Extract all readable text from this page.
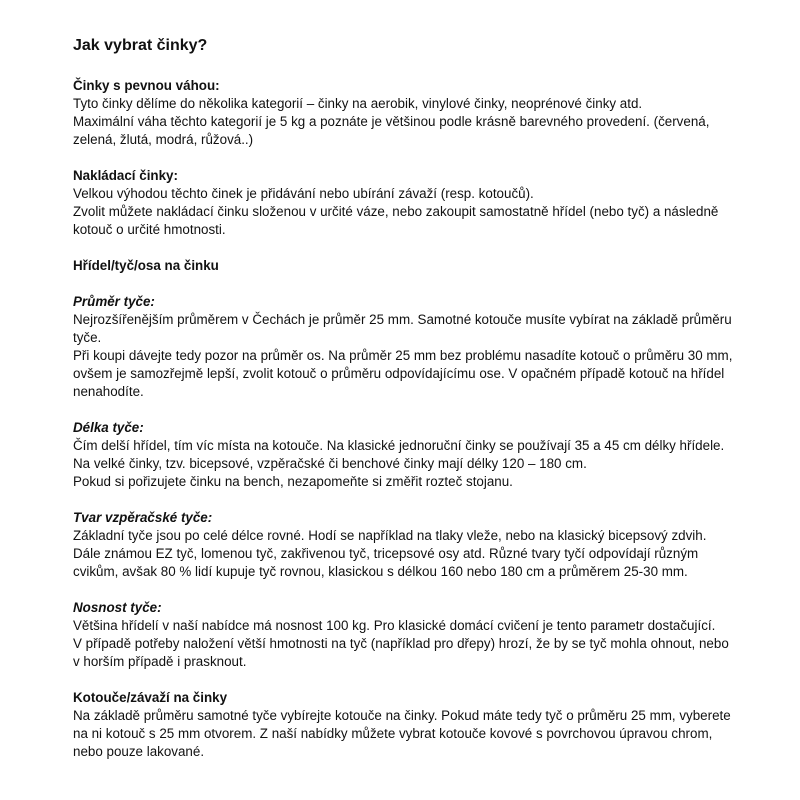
Jak vybrat činky?

Činky s pevnou váhou:

Tyto činky dělíme do několika kategorií – činky na aerobik, vinylové činky, neoprénové činky atd.

Maximální váha těchto kategorií je 5 kg a poznáte je většinou podle krásně barevného provedení. (červená, zelená, žlutá, modrá, růžová..)

Nakládací činky:

Velkou výhodou těchto činek je přidávání nebo ubírání závaží (resp. kotoučů).

Zvolit můžete nakládací činku složenou v určité váze, nebo zakoupit samostatně hřídel (nebo tyč) a následně kotouč o určité hmotnosti.

Hřídel/tyč/osa na činku

Průměr tyče:

Nejrozšířenějším průměrem v Čechách je průměr 25 mm. Samotné kotouče musíte vybírat na základě průměru tyče.

Při koupi dávejte tedy pozor na průměr os. Na průměr 25 mm bez problému nasadíte kotouč o průměru 30 mm, ovšem je samozřejmě lepší, zvolit kotouč o průměru odpovídajícímu ose. V opačném případě kotouč na hřídel nenahodíte.

Délka tyče:

Čím delší hřídel, tím víc místa na kotouče. Na klasické jednoruční činky se používají 35 a 45 cm délky hřídele.

Na velké činky, tzv. bicepsové, vzpěračské či benchové činky mají délky 120 – 180 cm.

Pokud si pořizujete činku na bench, nezapomeňte si změřit rozteč stojanu.

Tvar vzpěračské tyče:

Základní tyče jsou po celé délce rovné. Hodí se například na tlaky vleže, nebo na klasický bicepsový zdvih.

Dále známou EZ tyč, lomenou tyč, zakřivenou tyč, tricepsové osy atd. Různé tvary tyčí odpovídají různým cvikům, avšak 80 % lidí kupuje tyč rovnou, klasickou s délkou 160 nebo 180 cm a průměrem 25-30 mm.

Nosnost tyče:

Většina hřídelí v naší nabídce má nosnost 100 kg. Pro klasické domácí cvičení je tento parametr dostačující.

V případě potřeby naložení větší hmotnosti na tyč (například pro dřepy) hrozí, že by se tyč mohla ohnout, nebo v horším případě i prasknout.

Kotouče/závaží na činky

Na základě průměru samotné tyče vybírejte kotouče na činky. Pokud máte tedy tyč o průměru 25 mm, vyberete na ni kotouč s 25 mm otvorem. Z naší nabídky můžete vybrat kotouče kovové s povrchovou úpravou chrom, nebo pouze lakované.
